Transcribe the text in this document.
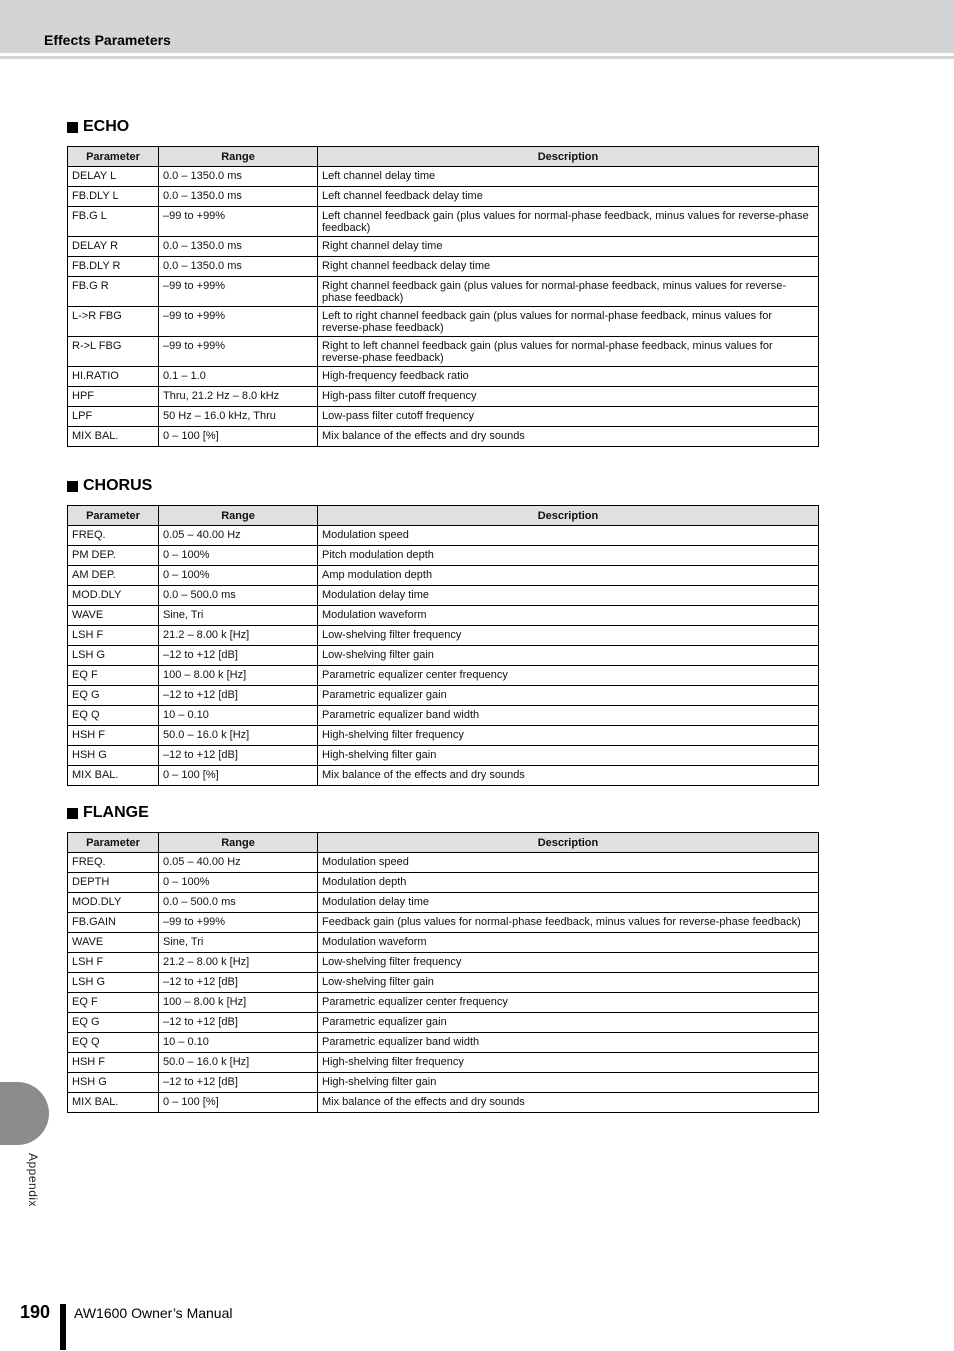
Effects Parameters
ECHO
Parameter	Range	Description
DELAY L	0.0 – 1350.0 ms	Left channel delay time
FB.DLY L	0.0 – 1350.0 ms	Left channel feedback delay time
FB.G L	–99 to +99%	Left channel feedback gain (plus values for normal-phase feedback, minus values for reverse-phase feedback)
DELAY R	0.0 – 1350.0 ms	Right channel delay time
FB.DLY R	0.0 – 1350.0 ms	Right channel feedback delay time
FB.G R	–99 to +99%	Right channel feedback gain (plus values for normal-phase feedback, minus values for reverse-phase feedback)
L->R FBG	–99 to +99%	Left to right channel feedback gain (plus values for normal-phase feedback, minus values for reverse-phase feedback)
R->L FBG	–99 to +99%	Right to left channel feedback gain (plus values for normal-phase feedback, minus values for reverse-phase feedback)
HI.RATIO	0.1 – 1.0	High-frequency feedback ratio
HPF	Thru, 21.2 Hz – 8.0 kHz	High-pass filter cutoff frequency
LPF	50 Hz – 16.0 kHz, Thru	Low-pass filter cutoff frequency
MIX BAL.	0 – 100 [%]	Mix balance of the effects and dry sounds
CHORUS
Parameter	Range	Description
FREQ.	0.05 – 40.00 Hz	Modulation speed
PM DEP.	0 – 100%	Pitch modulation depth
AM DEP.	0 – 100%	Amp modulation depth
MOD.DLY	0.0 – 500.0 ms	Modulation delay time
WAVE	Sine, Tri	Modulation waveform
LSH F	21.2 – 8.00 k [Hz]	Low-shelving filter frequency
LSH G	–12 to +12 [dB]	Low-shelving filter gain
EQ F	100 – 8.00 k [Hz]	Parametric equalizer center frequency
EQ G	–12 to +12 [dB]	Parametric equalizer gain
EQ Q	10 – 0.10	Parametric equalizer band width
HSH F	50.0 – 16.0 k [Hz]	High-shelving filter frequency
HSH G	–12 to +12 [dB]	High-shelving filter gain
MIX BAL.	0 – 100 [%]	Mix balance of the effects and dry sounds
FLANGE
Parameter	Range	Description
FREQ.	0.05 – 40.00 Hz	Modulation speed
DEPTH	0 – 100%	Modulation depth
MOD.DLY	0.0 – 500.0 ms	Modulation delay time
FB.GAIN	–99 to +99%	Feedback gain (plus values for normal-phase feedback, minus values for reverse-phase feedback)
WAVE	Sine, Tri	Modulation waveform
LSH F	21.2 – 8.00 k [Hz]	Low-shelving filter frequency
LSH G	–12 to +12 [dB]	Low-shelving filter gain
EQ F	100 – 8.00 k [Hz]	Parametric equalizer center frequency
EQ G	–12 to +12 [dB]	Parametric equalizer gain
EQ Q	10 – 0.10	Parametric equalizer band width
HSH F	50.0 – 16.0 k [Hz]	High-shelving filter frequency
HSH G	–12 to +12 [dB]	High-shelving filter gain
MIX BAL.	0 – 100 [%]	Mix balance of the effects and dry sounds
Appendix
190 AW1600 Owner’s Manual
